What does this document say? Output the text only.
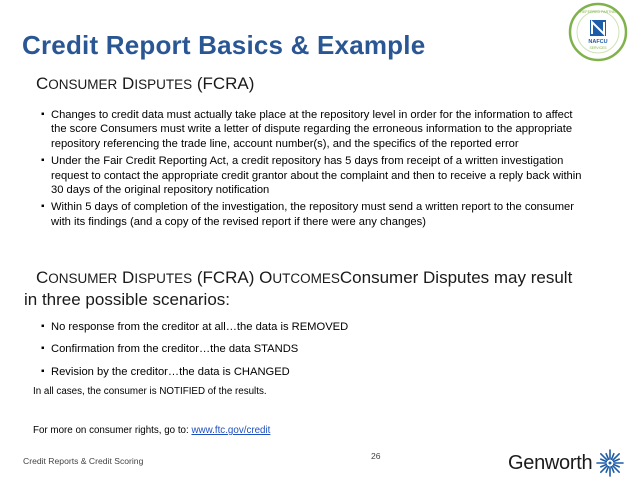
Credit Report Basics & Example	NAFCU
SERVICES
PREFERRED PARTNER
CONSUMER DISPUTES (FCRA)
▪ Changes to credit data must actually take place at the repository level in order for the information to affect the score Consumers must write a letter of dispute regarding the erroneous information to the appropriate repository referencing the trade line, account number(s), and the specifics of the reported error
▪ Under the Fair Credit Reporting Act, a credit repository has 5 days from receipt of a written investigation request to contact the appropriate credit grantor about the complaint and then to receive a reply back within 30 days of the original repository notification
▪ Within 5 days of completion of the investigation, the repository must send a written report to the consumer with its findings (and a copy of the revised report if there were any changes)
CONSUMER DISPUTES (FCRA) OUTCOMESConsumer Disputes may result
in three possible scenarios:
▪ No response from the creditor at all…the data is REMOVED
▪ Confirmation from the creditor…the data STANDS
▪ Revision by the creditor…the data is CHANGED
In all cases, the consumer is NOTIFIED of the results.
For more on consumer rights, go to: www.ftc.gov/credit
Credit Reports & Credit Scoring	26	Genworth
